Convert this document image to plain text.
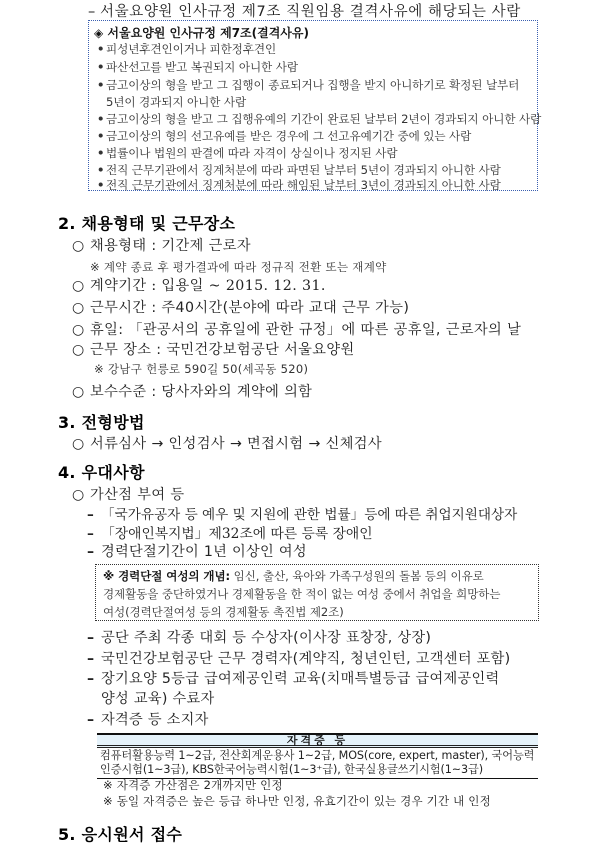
– 서울요양원 인사규정 제7조 직원임용 결격사유에 해당되는 사람
◈ 서울요양원 인사규정 제7조(결격사유)
• 피성년후견인이거나 피한정후견인
• 파산선고를 받고 복권되지 아니한 사람
• 금고이상의 형을 받고 그 집행이 종료되거나 집행을 받지 아니하기로 확정된 날부터
5년이 경과되지 아니한 사람
• 금고이상의 형을 받고 그 집행유예의 기간이 완료된 날부터 2년이 경과되지 아니한 사람
• 금고이상의 형의 선고유예를 받은 경우에 그 선고유예기간 중에 있는 사람
• 법률이나 법원의 판결에 따라 자격이 상실이나 정지된 사람
• 전직 근무기관에서 징계처분에 따라 파면된 날부터 5년이 경과되지 아니한 사람
• 전직 근무기관에서 징계처분에 따라 해임된 날부터 3년이 경과되지 아니한 사람
2. 채용형태 및 근무장소
○ 채용형태 : 기간제 근로자
※ 계약 종료 후 평가결과에 따라 정규직 전환 또는 재계약
○ 계약기간 : 입용일 ~ 2015. 12. 31.
○ 근무시간 : 주40시간(분야에 따라 교대 근무 가능)
○ 휴일: 「관공서의 공휴일에 관한 규정」에 따른 공휴일, 근로자의 날
○ 근무 장소 : 국민건강보험공단 서울요양원
※ 강남구 헌릉로 590길 50(세곡동 520)
○ 보수수준 : 당사자와의 계약에 의함
3. 전형방법
○ 서류심사 → 인성검사 → 면접시험 → 신체검사
4. 우대사항
○ 가산점 부여 등
– 「국가유공자 등 예우 및 지원에 관한 법률」등에 따른 취업지원대상자
– 「장애인복지법」제32조에 따른 등록 장애인
– 경력단절기간이 1년 이상인 여성
※ 경력단절 여성의 개념: 임신, 출산, 육아와 가족구성원의 돌봄 등의 이유로
경제활동을 중단하였거나 경제활동을 한 적이 없는 여성 중에서 취업을 희망하는
여성(경력단절여성 등의 경제활동 촉진법 제2조)
– 공단 주최 각종 대회 등 수상자(이사장 표창장, 상장)
– 국민건강보험공단 근무 경력자(계약직, 청년인턴, 고객센터 포함)
– 장기요양 5등급 급여제공인력 교육(치매특별등급 급여제공인력
양성 교육) 수료자
– 자격증 등 소지자
자격증 등
컴퓨터활용능력 1~2급, 전산회계운용사 1~2급, MOS(core, expert, master), 국어능력
인증시험(1~3급), KBS한국어능력시험(1~3⁺급), 한국실용글쓰기시험(1~3급)
※ 자격증 가산점은 2개까지만 인정
※ 동일 자격증은 높은 등급 하나만 인정, 유효기간이 있는 경우 기간 내 인정
5. 응시원서 접수
